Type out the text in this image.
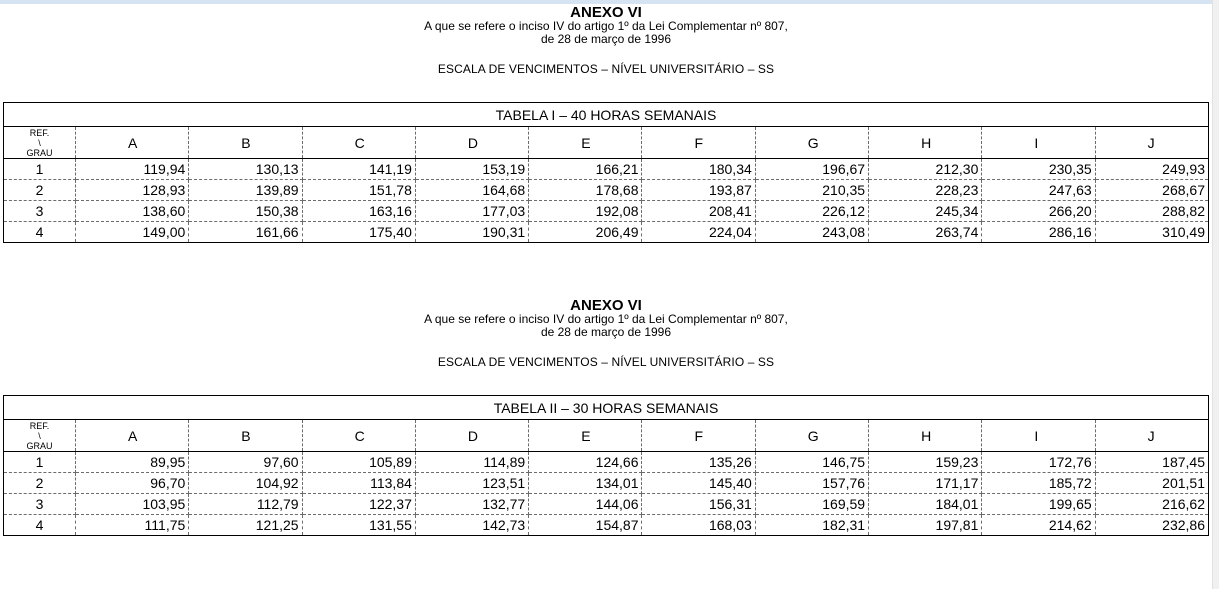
ANEXO VI
A que se refere o inciso IV do artigo 1º da Lei Complementar nº 807,
de 28 de março de 1996
ESCALA DE VENCIMENTOS – NÍVEL UNIVERSITÁRIO – SS
TABELA I – 40 HORAS SEMANAIS										

REF.
\
GRAU	A	B	C	D	E	F	G	H	I	J
1	119,94	130,13	141,19	153,19	166,21	180,34	196,67	212,30	230,35	249,93
2	128,93	139,89	151,78	164,68	178,68	193,87	210,35	228,23	247,63	268,67
3	138,60	150,38	163,16	177,03	192,08	208,41	226,12	245,34	266,20	288,82
4	149,00	161,66	175,40	190,31	206,49	224,04	243,08	263,74	286,16	310,49
ANEXO VI
A que se refere o inciso IV do artigo 1º da Lei Complementar nº 807,
de 28 de março de 1996
ESCALA DE VENCIMENTOS – NÍVEL UNIVERSITÁRIO – SS
TABELA II – 30 HORAS SEMANAIS										

REF.
\
GRAU	A	B	C	D	E	F	G	H	I	J
1	89,95	97,60	105,89	114,89	124,66	135,26	146,75	159,23	172,76	187,45
2	96,70	104,92	113,84	123,51	134,01	145,40	157,76	171,17	185,72	201,51
3	103,95	112,79	122,37	132,77	144,06	156,31	169,59	184,01	199,65	216,62
4	111,75	121,25	131,55	142,73	154,87	168,03	182,31	197,81	214,62	232,86
